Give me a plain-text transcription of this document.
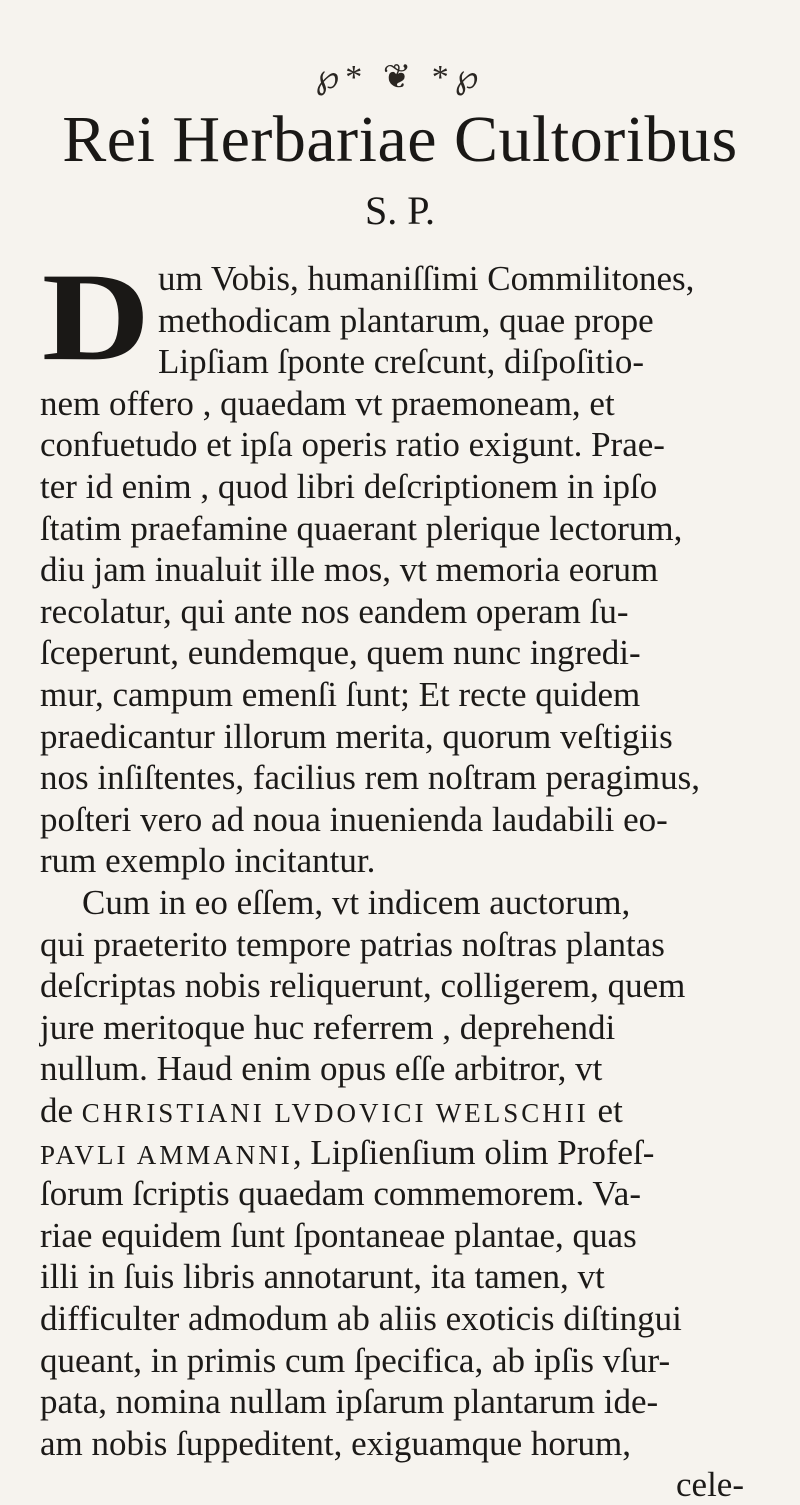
℘* ❦ *℘
Rei Herbariae Cultoribus
S. P.
D um Vobis, humaniſſimi Commilitones,
methodicam plantarum, quae prope
Lipſiam ſponte creſcunt, diſpoſitio-
nem offero , quaedam vt praemoneam, et
confuetudo et ipſa operis ratio exigunt. Prae-
ter id enim , quod libri deſcriptionem in ipſo
ſtatim praefamine quaerant plerique lectorum,
diu jam inualuit ille mos, vt memoria eorum
recolatur, qui ante nos eandem operam ſu-
ſceperunt, eundemque, quem nunc ingredi-
mur, campum emenſi ſunt; Et recte quidem
praedicantur illorum merita, quorum veſtigiis
nos inſiſtentes, facilius rem noſtram peragimus,
poſteri vero ad noua inuenienda laudabili eo-
rum exemplo incitantur.
Cum in eo eſſem, vt indicem auctorum,
qui praeterito tempore patrias noſtras plantas
deſcriptas nobis reliquerunt, colligerem, quem
jure meritoque huc referrem , deprehendi
nullum. Haud enim opus eſſe arbitror, vt
de CHRISTIANI LVDOVICI WELSCHII et
PAVLI AMMANNI, Lipſienſium olim Profeſ-
ſorum ſcriptis quaedam commemorem. Va-
riae equidem ſunt ſpontaneae plantae, quas
illi in ſuis libris annotarunt, ita tamen, vt
difficulter admodum ab aliis exoticis diſtingui
queant, in primis cum ſpecifica, ab ipſis vſur-
pata, nomina nullam ipſarum plantarum ide-
am nobis ſuppeditent, exiguamque horum,
cele-
